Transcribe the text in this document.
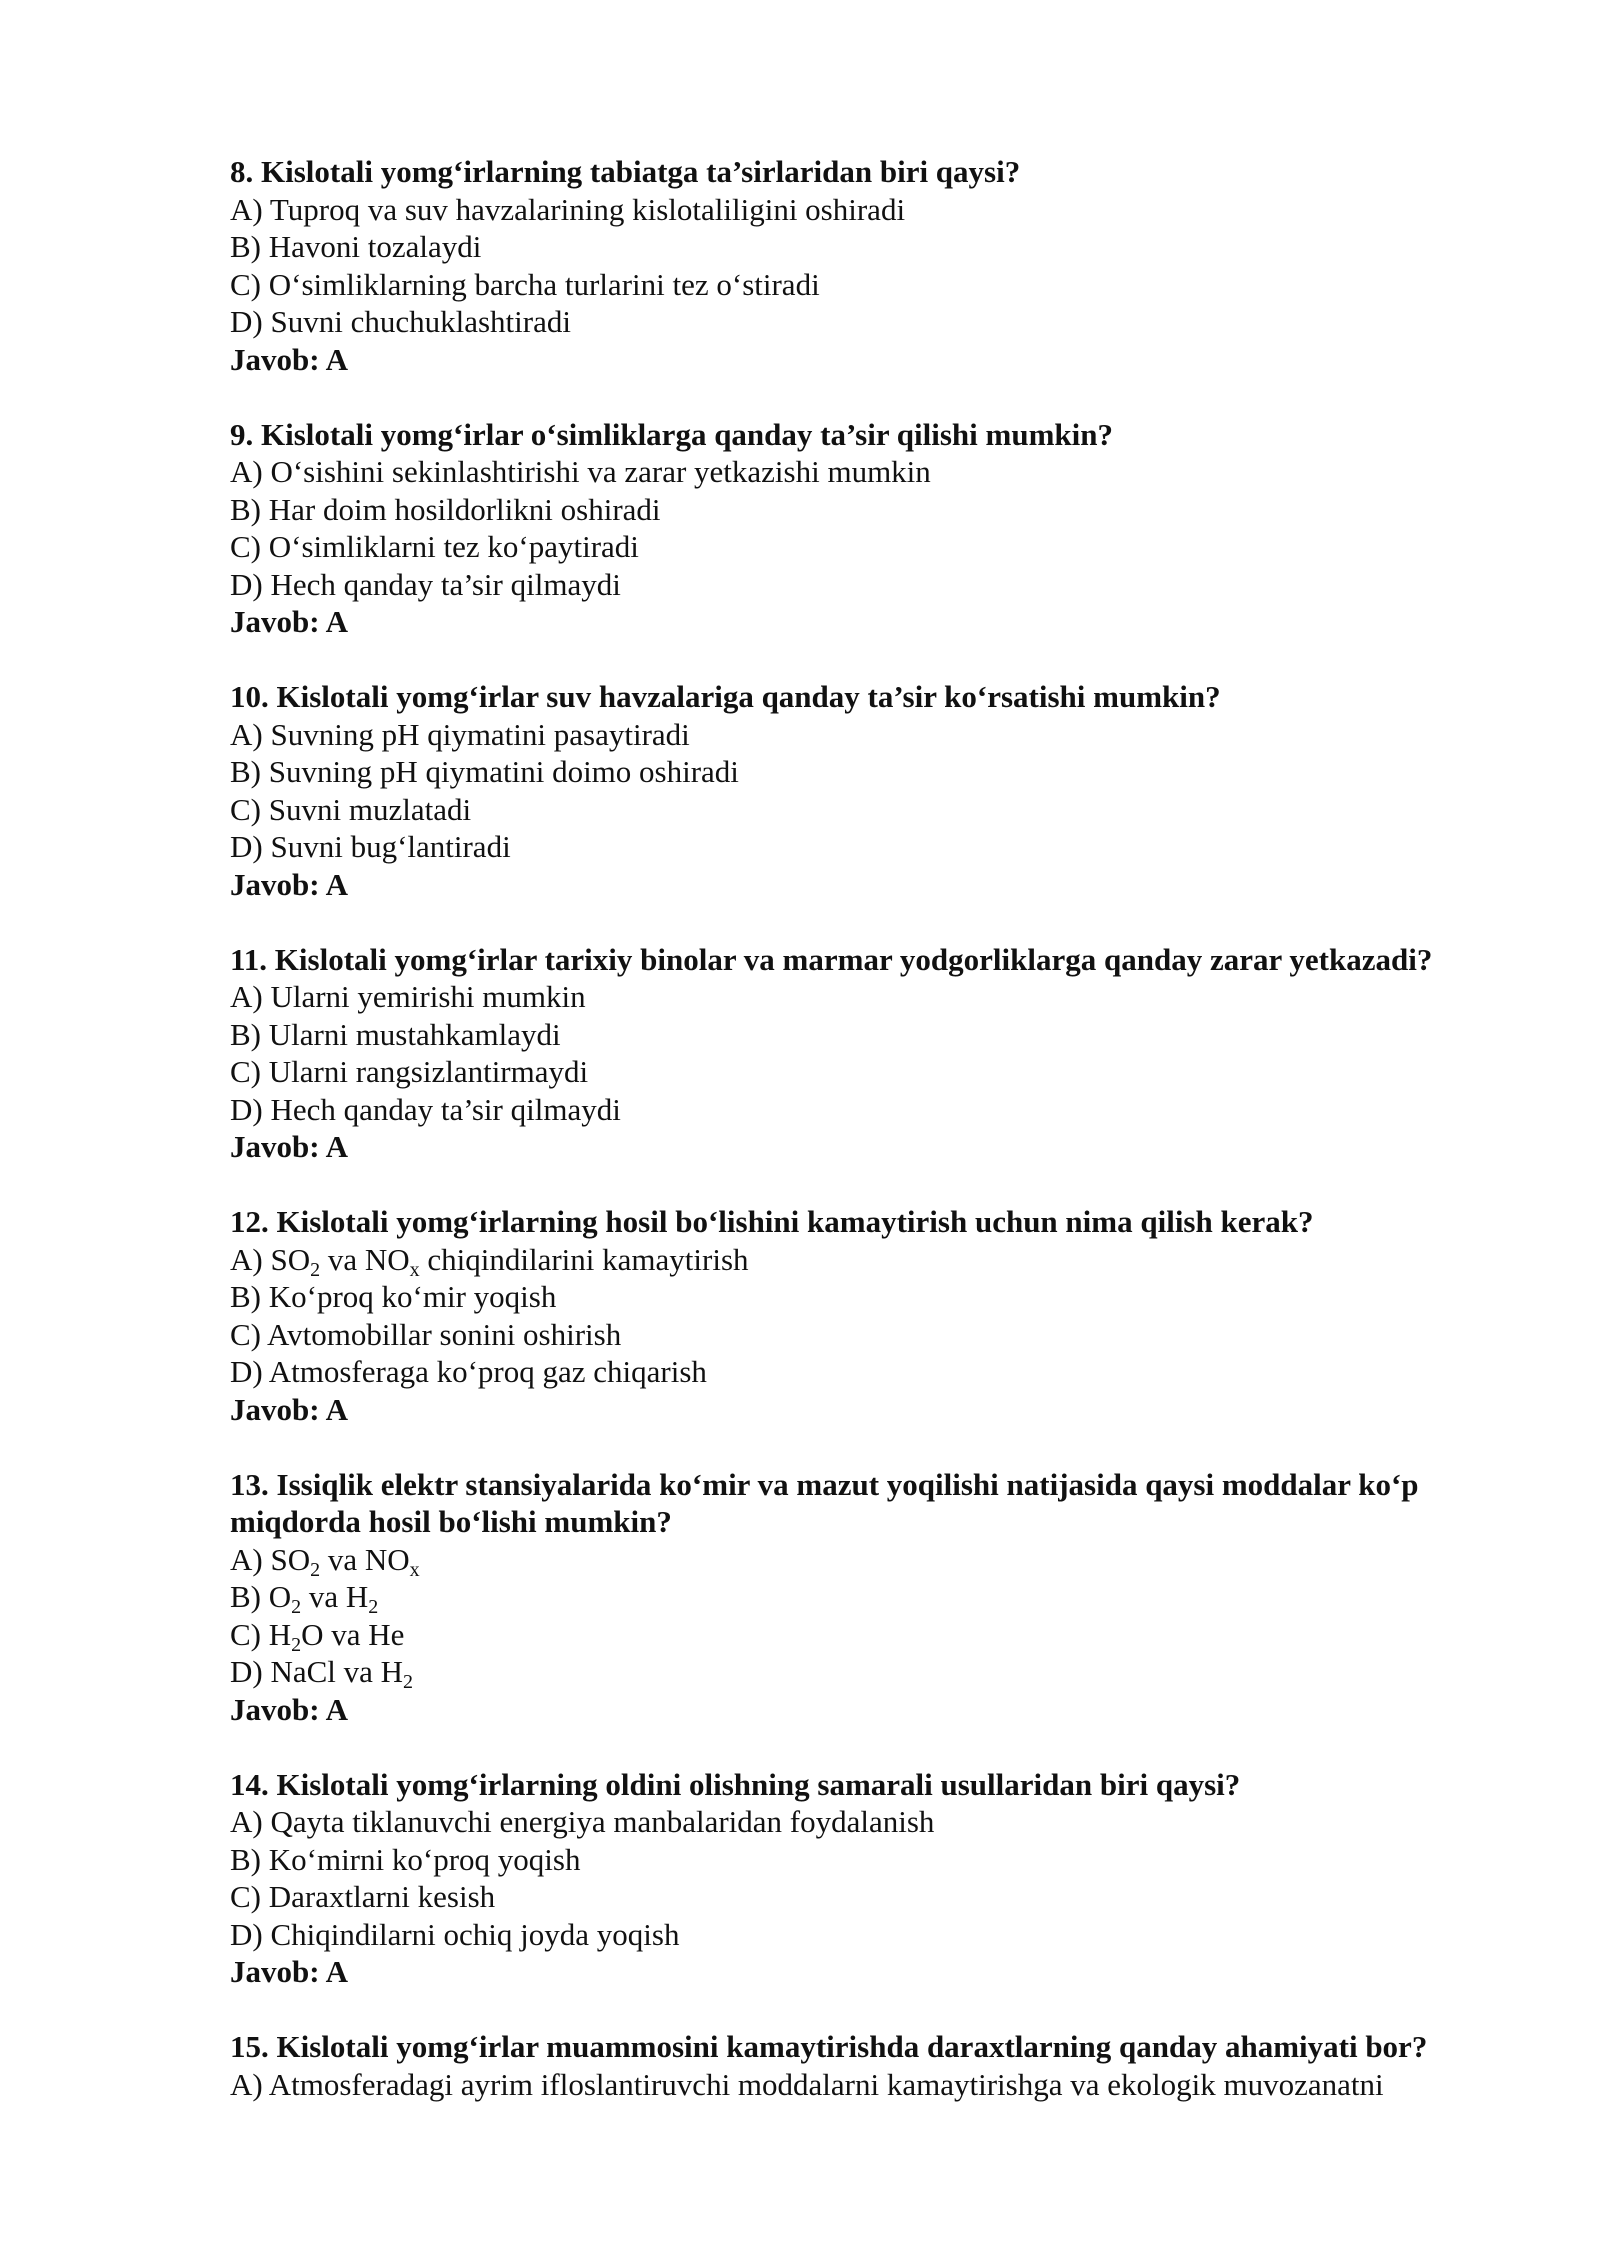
8. Kislotali yomg‘irlarning tabiatga ta’sirlaridan biri qaysi?

A) Tuproq va suv havzalarining kislotaliligini oshiradi

B) Havoni tozalaydi

C) O‘simliklarning barcha turlarini tez o‘stiradi

D) Suvni chuchuklashtiradi

Javob: A

9. Kislotali yomg‘irlar o‘simliklarga qanday ta’sir qilishi mumkin?

A) O‘sishini sekinlashtirishi va zarar yetkazishi mumkin

B) Har doim hosildorlikni oshiradi

C) O‘simliklarni tez ko‘paytiradi

D) Hech qanday ta’sir qilmaydi

Javob: A

10. Kislotali yomg‘irlar suv havzalariga qanday ta’sir ko‘rsatishi mumkin?

A) Suvning pH qiymatini pasaytiradi

B) Suvning pH qiymatini doimo oshiradi

C) Suvni muzlatadi

D) Suvni bug‘lantiradi

Javob: A

11. Kislotali yomg‘irlar tarixiy binolar va marmar yodgorliklarga qanday zarar yetkazadi?

A) Ularni yemirishi mumkin

B) Ularni mustahkamlaydi

C) Ularni rangsizlantirmaydi

D) Hech qanday ta’sir qilmaydi

Javob: A

12. Kislotali yomg‘irlarning hosil bo‘lishini kamaytirish uchun nima qilish kerak?

A) $SO_2$ va $NO_x$ chiqindilarini kamaytirish

B) Ko‘proq ko‘mir yoqish

C) Avtomobillar sonini oshirish

D) Atmosferaga ko‘proq gaz chiqarish

Javob: A

13. Issiqlik elektr stansiyalarida ko‘mir va mazut yoqilishi natijasida qaysi moddalar ko‘p miqdorda hosil bo‘lishi mumkin?

A) $SO_2$ va $NO_x$

B) $O_2$ va $H_2$

C) $H_2O$ va He

D) NaCl va $H_2$

Javob: A

14. Kislotali yomg‘irlarning oldini olishning samarali usullaridan biri qaysi?

A) Qayta tiklanuvchi energiya manbalaridan foydalanish

B) Ko‘mirni ko‘proq yoqish

C) Daraxtlarni kesish

D) Chiqindilarni ochiq joyda yoqish

Javob: A

15. Kislotali yomg‘irlar muammosini kamaytirishda daraxtlarning qanday ahamiyati bor?

A) Atmosferadagi ayrim ifloslantiruvchi moddalarni kamaytirishga va ekologik muvozanatni
